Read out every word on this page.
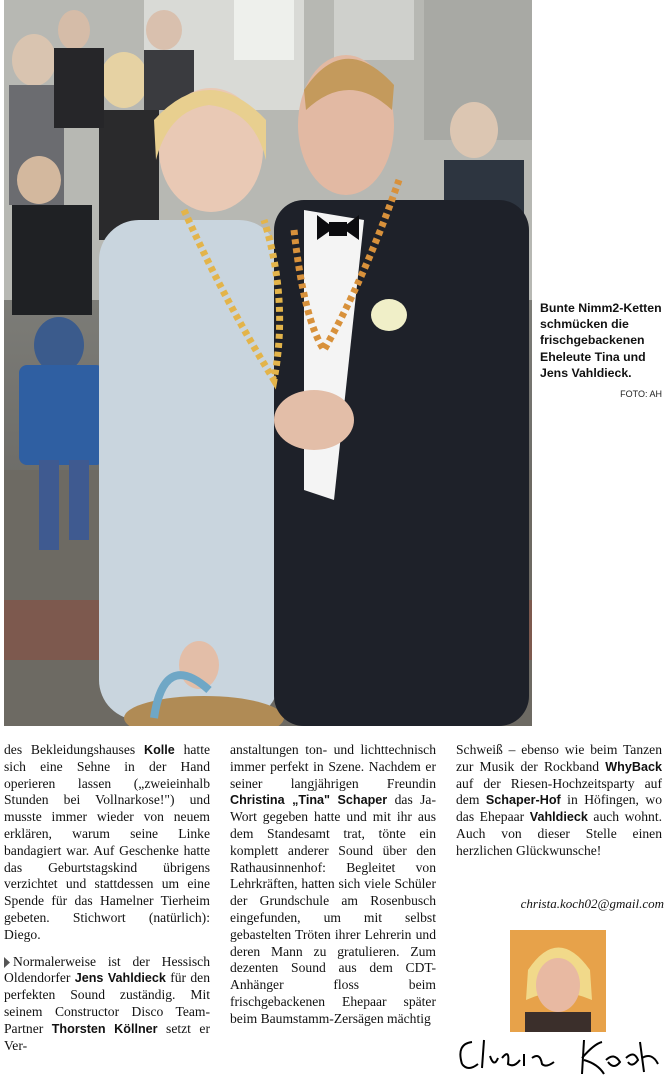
Bunte Nimm2-Ketten schmücken die frischgebackenen Eheleute Tina und Jens Vahldieck.
FOTO: AH

des Bekleidungshauses Kolle hatte sich eine Sehne in der Hand operieren lassen („zweieinhalb Stunden bei Vollnarkose!") und musste immer wieder von neuem erklären, warum seine Linke bandagiert war. Auf Geschenke hatte das Geburtstagskind übrigens verzichtet und stattdessen um eine Spende für das Hamelner Tierheim gebeten. Stichwort (natürlich): Diego.

Normalerweise ist der Hessisch Oldendorfer Jens Vahldieck für den perfekten Sound zuständig. Mit seinem Constructor Disco Team-Partner Thorsten Köllner setzt er Ver-

anstaltungen ton- und lichttechnisch immer perfekt in Szene. Nachdem er seiner langjährigen Freundin Christina „Tina" Schaper das Ja-Wort gegeben hatte und mit ihr aus dem Standesamt trat, tönte ein komplett anderer Sound über den Rathausinnenhof: Begleitet von Lehrkräften, hatten sich viele Schüler der Grundschule am Rosenbusch eingefunden, um mit selbst gebastelten Tröten ihrer Lehrerin und deren Mann zu gratulieren. Zum dezenten Sound aus dem CDT-Anhänger floss beim frischgebackenen Ehepaar später beim Baumstamm-Zersägen mächtig

Schweiß – ebenso wie beim Tanzen zur Musik der Rockband WhyBack auf der Riesen-Hochzeitsparty auf dem Schaper-Hof in Höfingen, wo das Ehepaar Vahldieck auch wohnt. Auch von dieser Stelle einen herzlichen Glückwunsche!

christa.koch02@gmail.com
